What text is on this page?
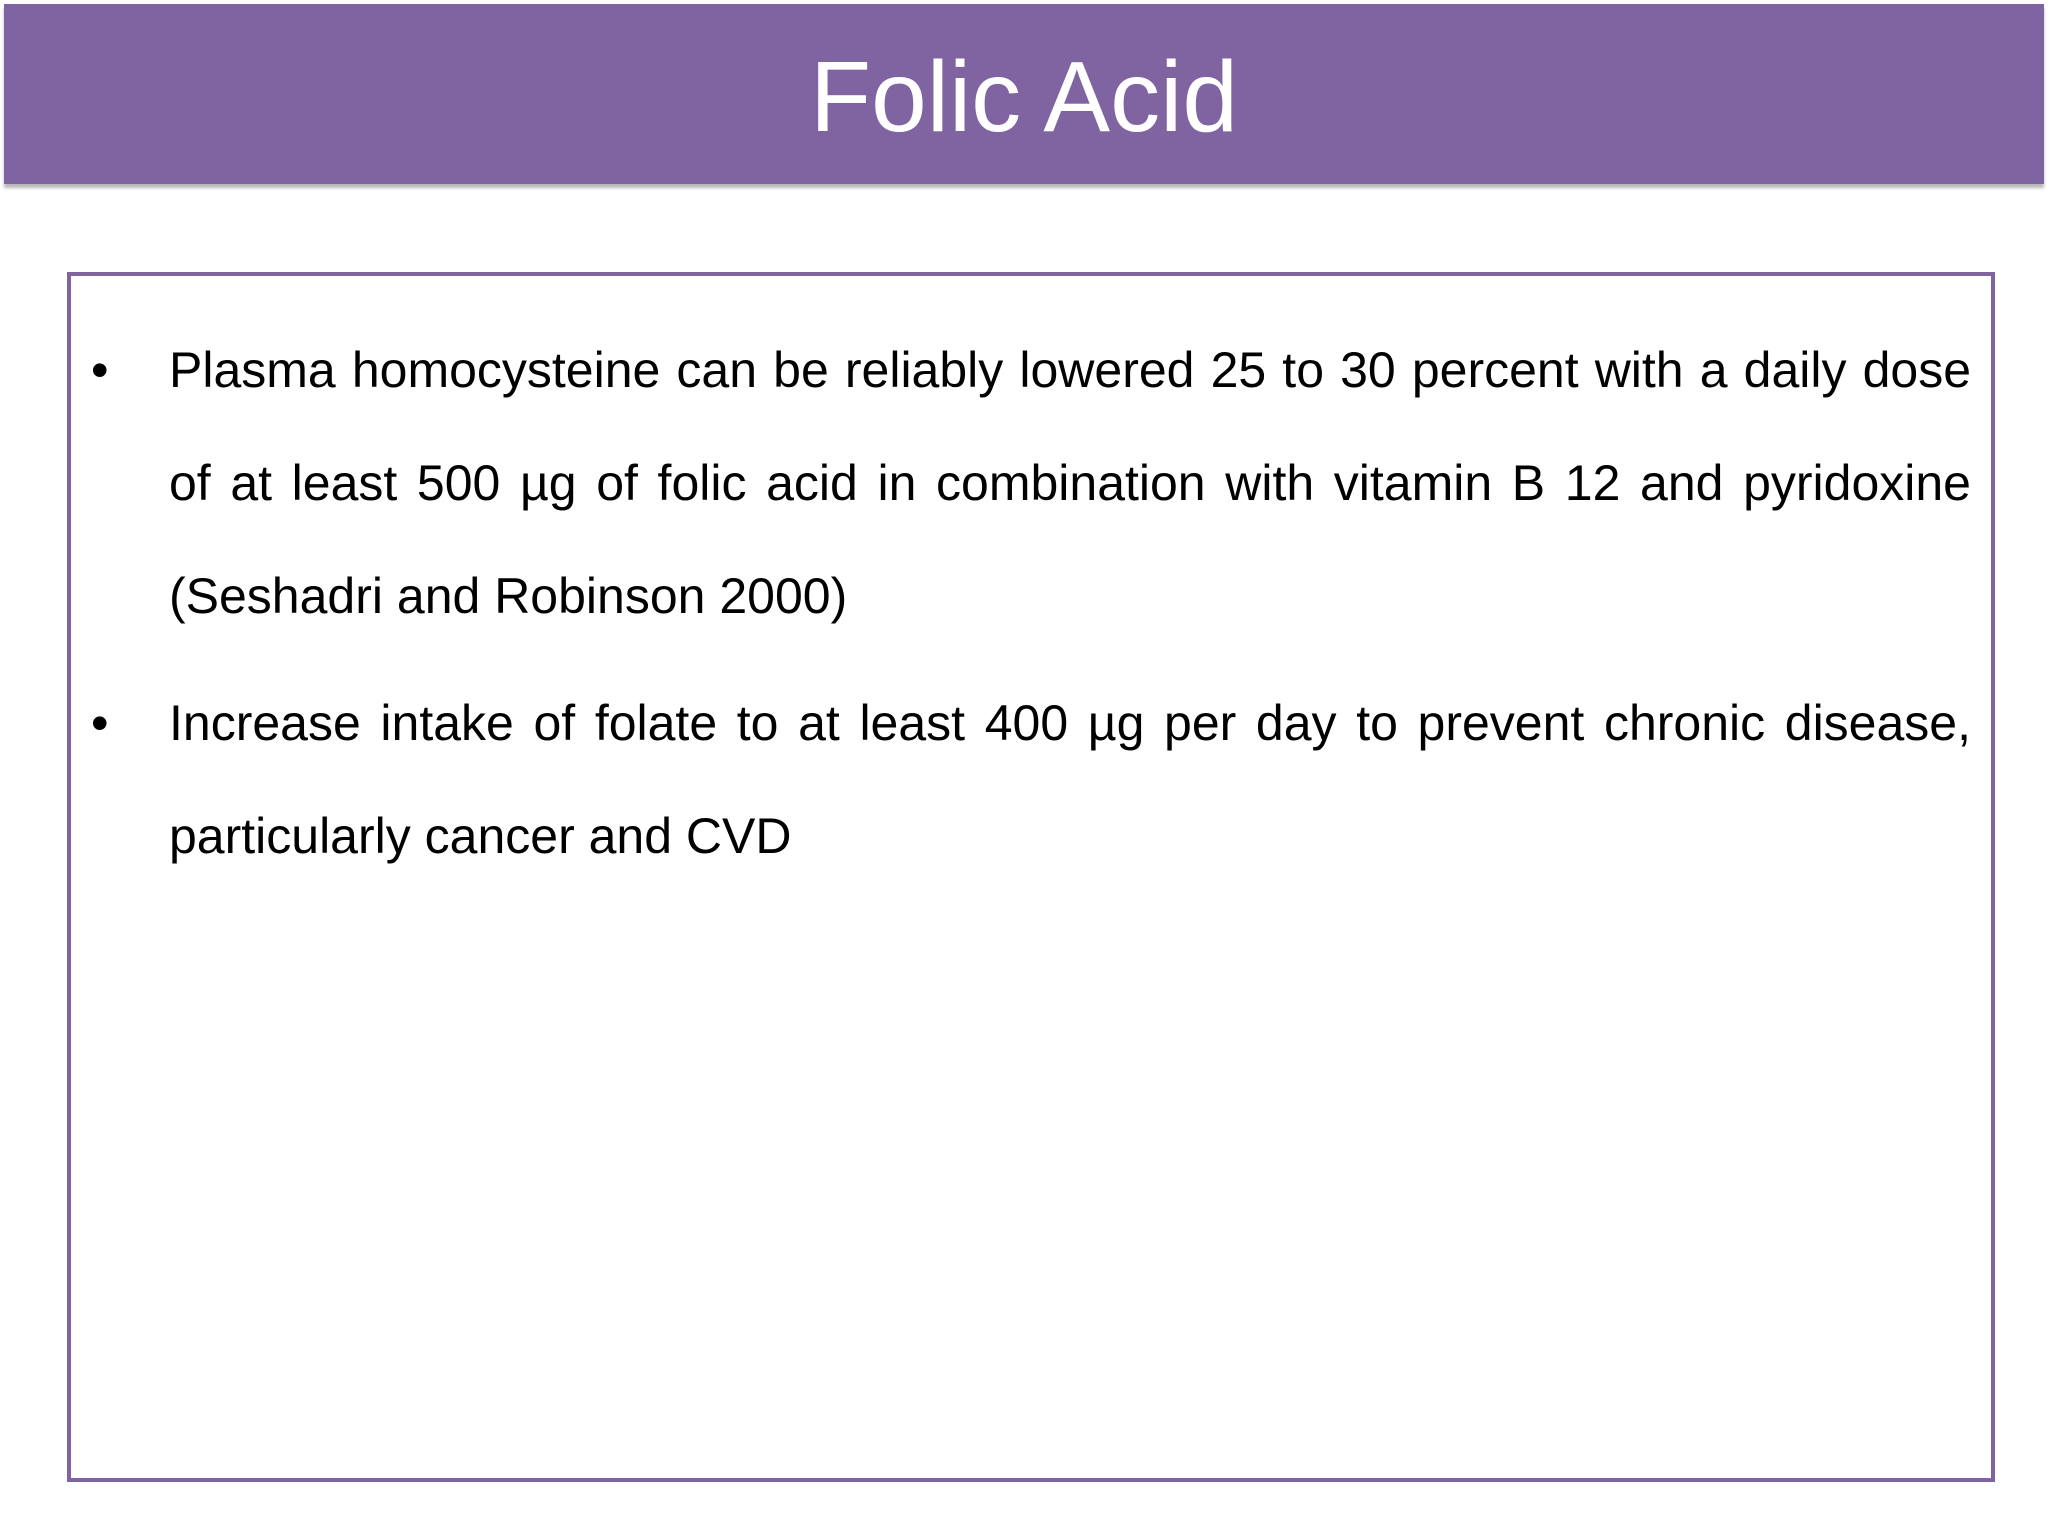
Folic Acid
• Plasma homocysteine can be reliably lowered 25 to 30 percent with a daily dose of at least 500 µg of folic acid in combination with vitamin B 12 and pyridoxine (Seshadri and Robinson 2000)
• Increase intake of folate to at least 400 µg per day to prevent chronic disease, particularly cancer and CVD
